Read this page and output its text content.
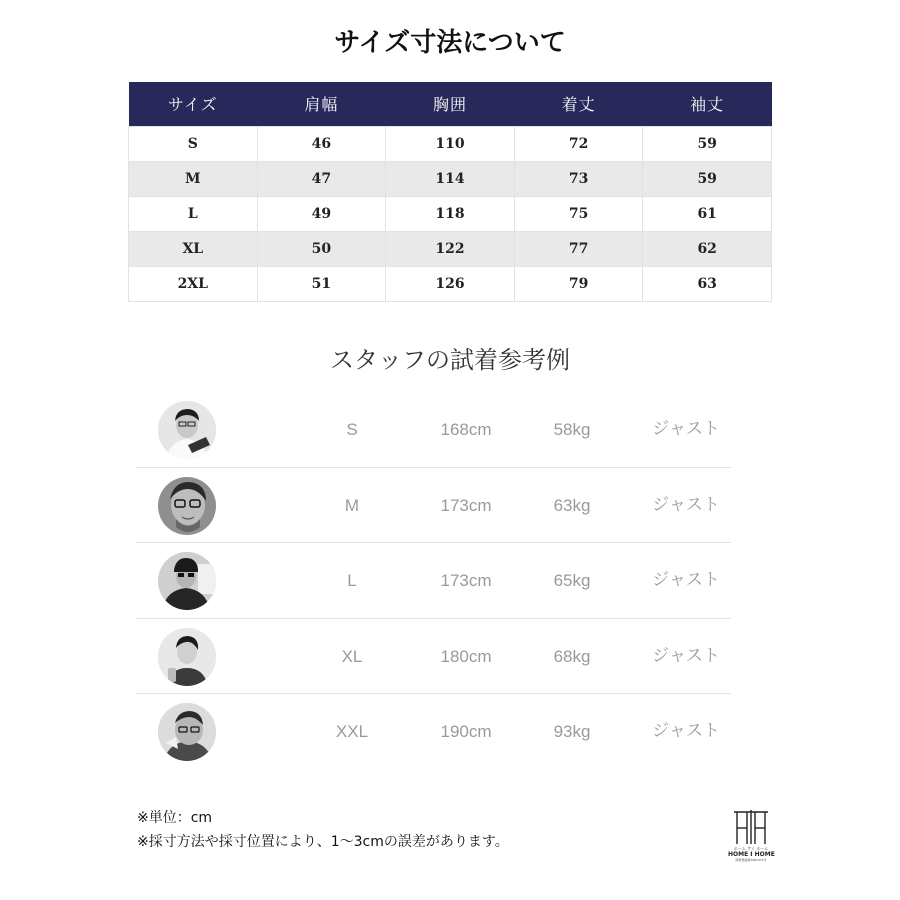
サイズ寸法について
サイズ	肩幅	胸囲	着丈	袖丈
S	46	110	72	59
M	47	114	73	59
L	49	118	75	61
XL	50	122	77	62
2XL	51	126	79	63
スタッフの試着参考例
S	168cm	58kg	ジャスト
M	173cm	63kg	ジャスト
L	173cm	65kg	ジャスト
XL	180cm	68kg	ジャスト
XXL	190cm	93kg	ジャスト
※単位：cm
※採寸方法や採寸位置により、1～3cmの誤差があります。	ホーム アイ ホーム
HOME I HOME
商標登録第5987471号
